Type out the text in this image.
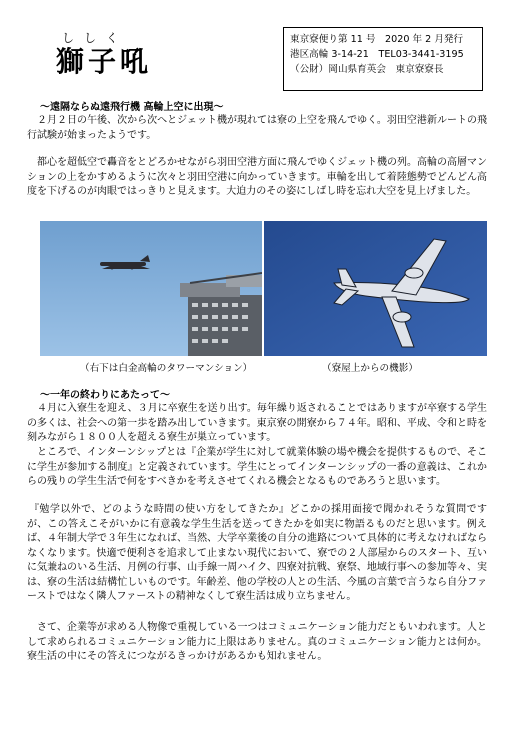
ししく
獅子吼
東京寮便り第 11 号　2020 年 2 月発行
港区高輪 3-14-21　TEL03-3441-3195
（公財）岡山県育英会　東京寮寮長
～遠隔ならぬ遠飛行機 高輪上空に出現～
２月２日の午後、次から次へとジェット機が現れては寮の上空を飛んでゆく。羽田空港新ルートの飛行試験が始まったようです。
都心を超低空で轟音をとどろかせながら羽田空港方面に飛んでゆくジェット機の列。高輪の高層マンションの上をかすめるように次々と羽田空港に向かっていきます。車輪を出して着陸態勢でどんどん高度を下げるのが肉眼ではっきりと見えます。大迫力のその姿にしばし時を忘れ大空を見上げました。
（右下は白金高輪のタワーマンション）	（寮屋上からの機影）
～一年の終わりにあたって～
４月に入寮生を迎え、３月に卒寮生を送り出す。毎年繰り返されることではありますが卒寮する学生の多くは、社会への第一歩を踏み出していきます。東京寮の開寮から７４年。昭和、平成、令和と時を刻みながら１８００人を超える寮生が巣立っています。
ところで、インターンシップとは『企業が学生に対して就業体験の場や機会を提供するもので、そこに学生が参加する制度』と定義されています。学生にとってインターンシップの一番の意義は、これからの残りの学生生活で何をすべきかを考えさせてくれる機会となるものであろうと思います。
『勉学以外で、どのような時間の使い方をしてきたか』どこかの採用面接で聞かれそうな質問ですが、この答えこそがいかに有意義な学生生活を送ってきたかを如実に物語るものだと思います。例えば、４年制大学で３年生になれば、当然、大学卒業後の自分の進路について具体的に考えなければならなくなります。快適で便利さを追求して止まない現代において、寮での２人部屋からのスタート、互いに気兼ねのいる生活、月例の行事、山手線一周ハイク、四寮対抗戦、寮祭、地域行事への参加等々、実は、寮の生活は結構忙しいものです。年齢差、他の学校の人との生活、今風の言葉で言うなら自分ファーストではなく隣人ファーストの精神なくして寮生活は成り立ちません。
さて、企業等が求める人物像で重視している一つはコミュニケーション能力だともいわれます。人として求められるコミュニケーション能力に上限はありません。真のコミュニケーション能力とは何か。寮生活の中にその答えにつながるきっかけがあるかも知れません。
